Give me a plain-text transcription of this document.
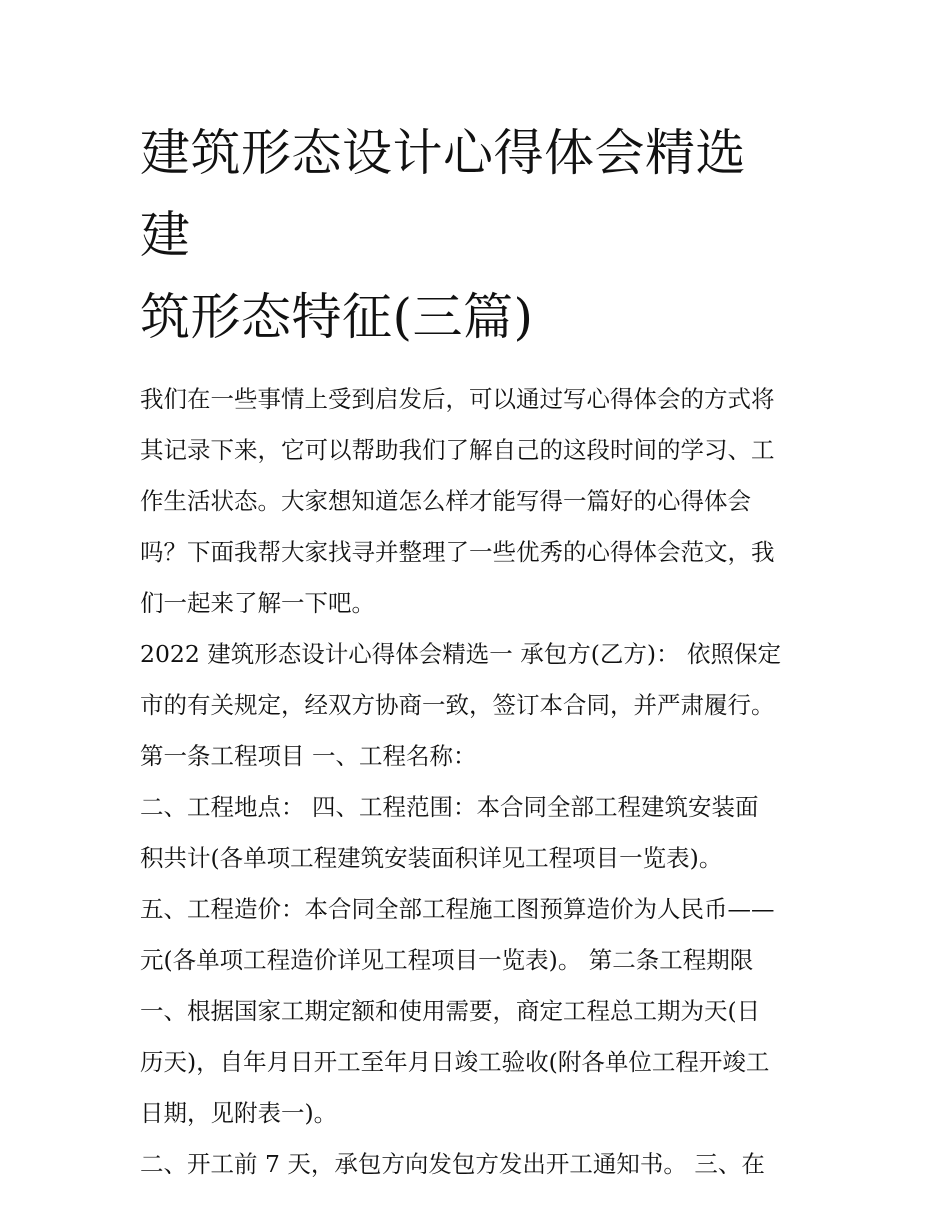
建筑形态设计心得体会精选 建
筑形态特征(三篇)
我们在一些事情上受到启发后，可以通过写心得体会的方式将
其记录下来，它可以帮助我们了解自己的这段时间的学习、工
作生活状态。大家想知道怎么样才能写得一篇好的心得体会
吗？下面我帮大家找寻并整理了一些优秀的心得体会范文，我
们一起来了解一下吧。
2022 建筑形态设计心得体会精选一 承包方(乙方)： 依照保定
市的有关规定，经双方协商一致，签订本合同，并严肃履行。
第一条工程项目 一、工程名称：
二、工程地点： 四、工程范围：本合同全部工程建筑安装面
积共计(各单项工程建筑安装面积详见工程项目一览表)。
五、工程造价：本合同全部工程施工图预算造价为人民币——
元(各单项工程造价详见工程项目一览表)。 第二条工程期限
一、根据国家工期定额和使用需要，商定工程总工期为天(日
历天)，自年月日开工至年月日竣工验收(附各单位工程开竣工
日期，见附表一)。
二、开工前 7 天，承包方向发包方发出开工通知书。 三、在
